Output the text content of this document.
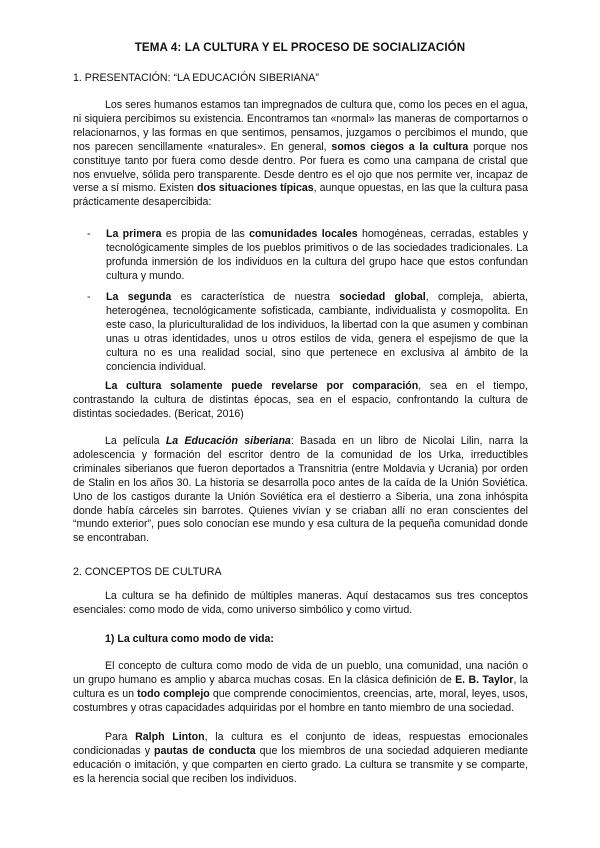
TEMA 4: LA CULTURA Y EL PROCESO DE SOCIALIZACIÓN
1. PRESENTACIÓN: “LA EDUCACIÓN SIBERIANA”

Los seres humanos estamos tan impregnados de cultura que, como los peces en el agua, ni siquiera percibimos su existencia. Encontramos tan «normal» las maneras de comportarnos o relacionarnos, y las formas en que sentimos, pensamos, juzgamos o percibimos el mundo, que nos parecen sencillamente «naturales». En general, somos ciegos a la cultura porque nos constituye tanto por fuera como desde dentro. Por fuera es como una campana de cristal que nos envuelve, sólida pero transparente. Desde dentro es el ojo que nos permite ver, incapaz de verse a sí mismo. Existen dos situaciones típicas, aunque opuestas, en las que la cultura pasa prácticamente desapercibida:

- La primera es propia de las comunidades locales homogéneas, cerradas, estables y tecnológicamente simples de los pueblos primitivos o de las sociedades tradicionales. La profunda inmersión de los individuos en la cultura del grupo hace que estos confundan cultura y mundo.
- La segunda es característica de nuestra sociedad global, compleja, abierta, heterogénea, tecnológicamente sofisticada, cambiante, individualista y cosmopolita. En este caso, la pluriculturalidad de los individuos, la libertad con la que asumen y combinan unas u otras identidades, unos u otros estilos de vida, genera el espejismo de que la cultura no es una realidad social, sino que pertenece en exclusiva al ámbito de la conciencia individual.

La cultura solamente puede revelarse por comparación, sea en el tiempo, contrastando la cultura de distintas épocas, sea en el espacio, confrontando la cultura de distintas sociedades. (Bericat, 2016)

La película La Educación siberiana: Basada en un libro de Nicolai Lilin, narra la adolescencia y formación del escritor dentro de la comunidad de los Urka, irreductibles criminales siberianos que fueron deportados a Transnitria (entre Moldavia y Ucrania) por orden de Stalin en los años 30. La historia se desarrolla poco antes de la caída de la Unión Soviética. Uno de los castigos durante la Unión Soviética era el destierro a Siberia, una zona inhóspita donde había cárceles sin barrotes. Quienes vivían y se criaban allí no eran conscientes del “mundo exterior”, pues solo conocían ese mundo y esa cultura de la pequeña comunidad donde se encontraban.

2. CONCEPTOS DE CULTURA

La cultura se ha definido de múltiples maneras. Aquí destacamos sus tres conceptos esenciales: como modo de vida, como universo simbólico y como virtud.

1) La cultura como modo de vida:

El concepto de cultura como modo de vida de un pueblo, una comunidad, una nación o un grupo humano es amplio y abarca muchas cosas. En la clásica definición de E. B. Taylor, la cultura es un todo complejo que comprende conocimientos, creencias, arte, moral, leyes, usos, costumbres y otras capacidades adquiridas por el hombre en tanto miembro de una sociedad.

Para Ralph Linton, la cultura es el conjunto de ideas, respuestas emocionales condicionadas y pautas de conducta que los miembros de una sociedad adquieren mediante educación o imitación, y que comparten en cierto grado. La cultura se transmite y se comparte, es la herencia social que reciben los individuos.
